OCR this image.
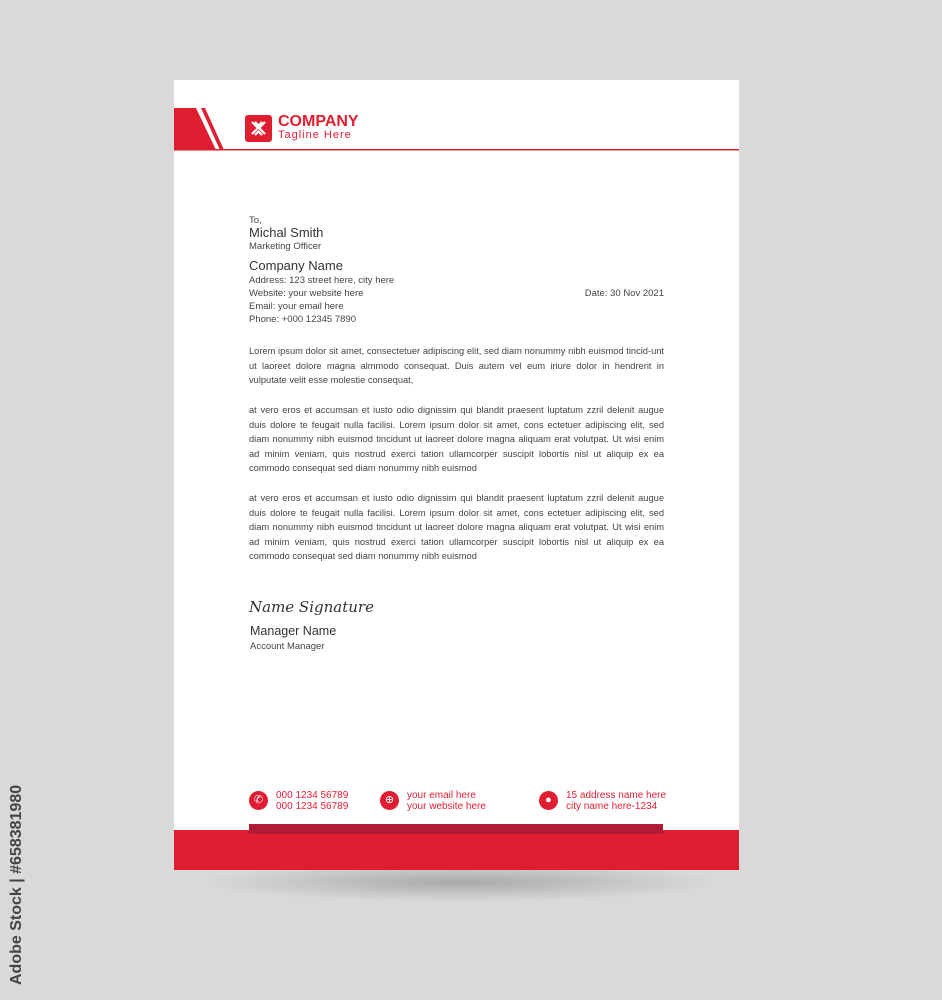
COMPANY
Tagline Here
To,
Michal Smith
Marketing Officer
Company Name
Address: 123 street here, city here
Website: your website here
Email: your email here
Phone: +000 12345 7890
Date: 30 Nov 2021
Lorem ipsum dolor sit amet, consectetuer adipiscing elit, sed diam nonummy nibh euismod tincid-unt ut laoreet dolore magna almmodo consequat. Duis autem vel eum iriure dolor in hendrerit in vulputate velit esse molestie consequat,
at vero eros et accumsan et iusto odio dignissim qui blandit praesent luptatum zzril delenit augue duis dolore te feugait nulla facilisi. Lorem ipsum dolor sit amet, cons ectetuer adipiscing elit, sed diam nonummy nibh euismod tincidunt ut laoreet dolore magna aliquam erat volutpat. Ut wisi enim ad minim veniam, quis nostrud exerci tation ullamcorper suscipit lobortis nisl ut aliquip ex ea commodo consequat sed diam nonummy nibh euismod
at vero eros et accumsan et iusto odio dignissim qui blandit praesent luptatum zzril delenit augue duis dolore te feugait nulla facilisi. Lorem ipsum dolor sit amet, cons ectetuer adipiscing elit, sed diam nonummy nibh euismod tincidunt ut laoreet dolore magna aliquam erat volutpat. Ut wisi enim ad minim veniam, quis nostrud exerci tation ullamcorper suscipit lobortis nisl ut aliquip ex ea commodo consequat sed diam nonummy nibh euismod
Name Signature
Manager Name
Account Manager
✆	000 1234 56789
000 1234 56789
⊕	your email here
your website here
●	15 address name here
city name here-1234
Adobe Stock | #658381980
